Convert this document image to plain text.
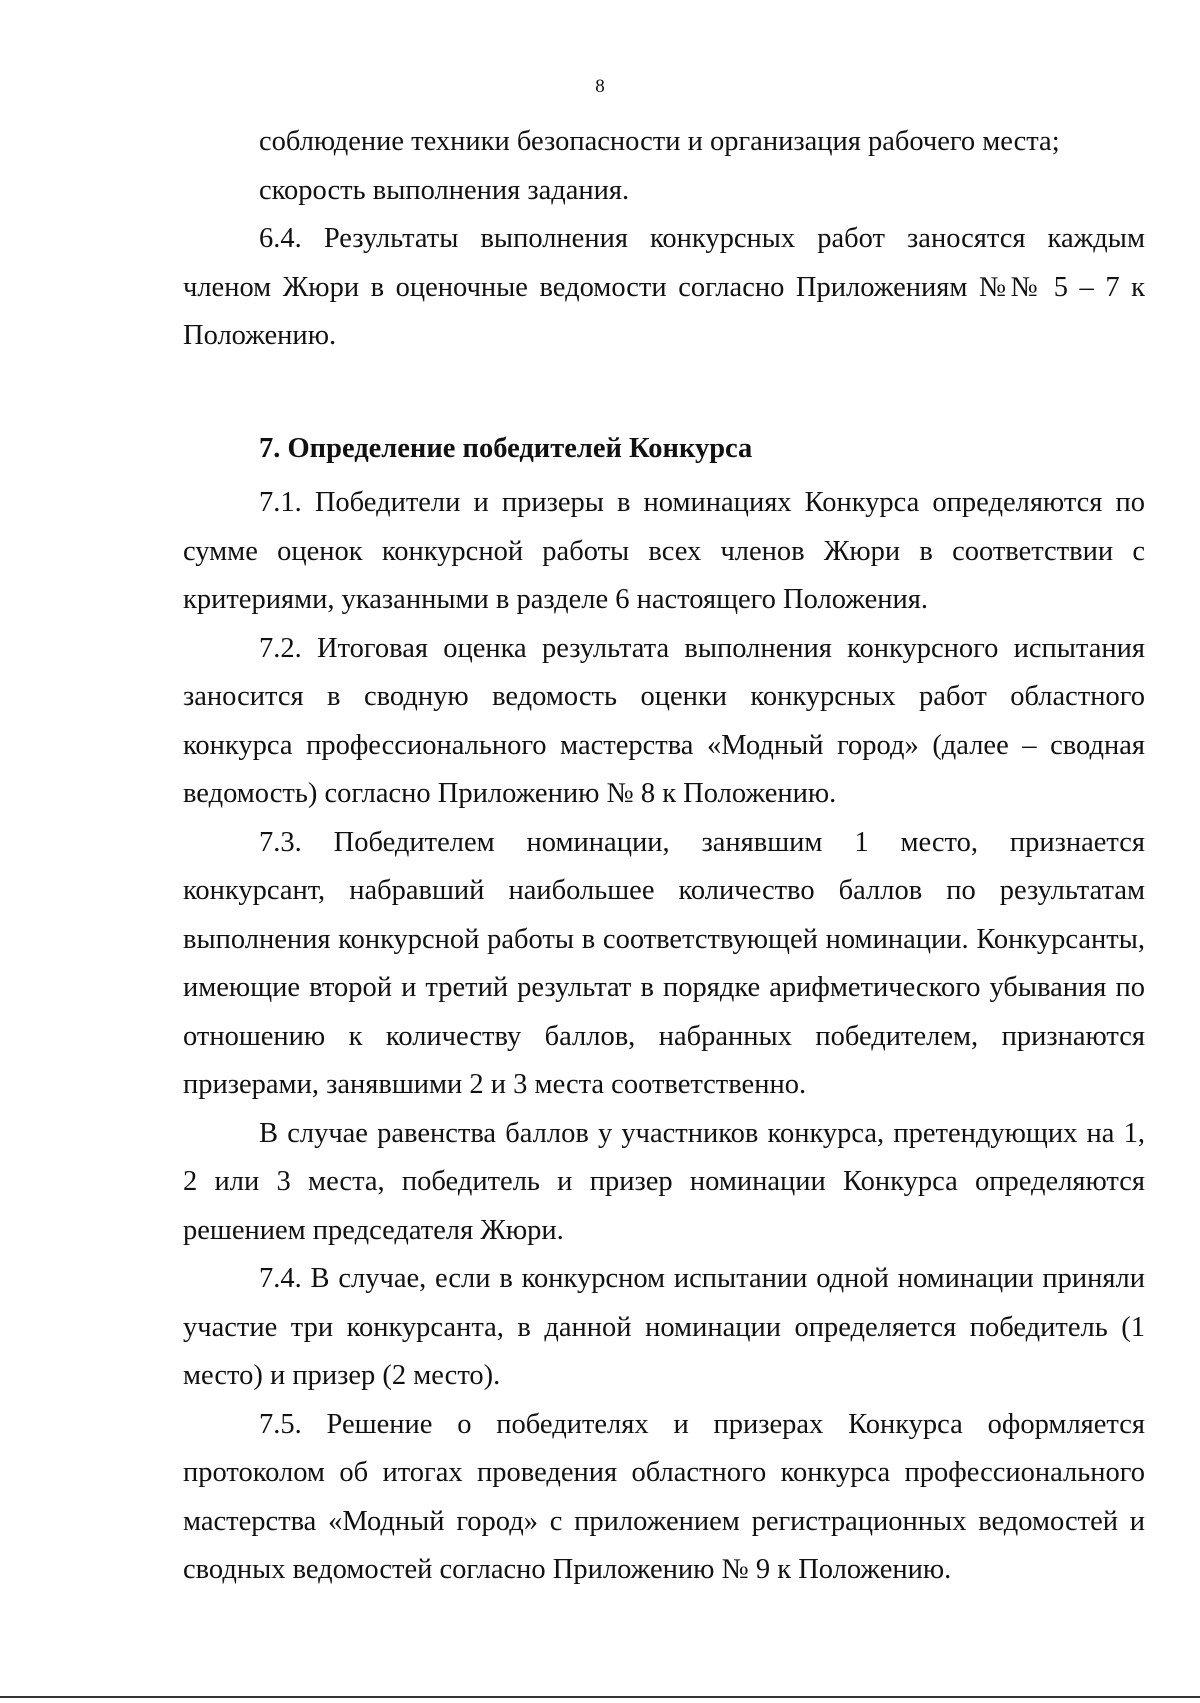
8

соблюдение техники безопасности и организация рабочего места;

скорость выполнения задания.

6.4. Результаты выполнения конкурсных работ заносятся каждым членом Жюри в оценочные ведомости согласно Приложениям №№ 5 – 7 к Положению.

7. Определение победителей Конкурса

7.1. Победители и призеры в номинациях Конкурса определяются по сумме оценок конкурсной работы всех членов Жюри в соответствии с критериями, указанными в разделе 6 настоящего Положения.

7.2. Итоговая оценка результата выполнения конкурсного испытания заносится в сводную ведомость оценки конкурсных работ областного конкурса профессионального мастерства «Модный город» (далее – сводная ведомость) согласно Приложению № 8 к Положению.

7.3. Победителем номинации, занявшим 1 место, признается конкурсант, набравший наибольшее количество баллов по результатам выполнения конкурсной работы в соответствующей номинации. Конкурсанты, имеющие второй и третий результат в порядке арифметического убывания по отношению к количеству баллов, набранных победителем, признаются призерами, занявшими 2 и 3 места соответственно.

В случае равенства баллов у участников конкурса, претендующих на 1, 2 или 3 места, победитель и призер номинации Конкурса определяются решением председателя Жюри.

7.4. В случае, если в конкурсном испытании одной номинации приняли участие три конкурсанта, в данной номинации определяется победитель (1 место) и призер (2 место).

7.5. Решение о победителях и призерах Конкурса оформляется протоколом об итогах проведения областного конкурса профессионального мастерства «Модный город» с приложением регистрационных ведомостей и сводных ведомостей согласно Приложению № 9 к Положению.
